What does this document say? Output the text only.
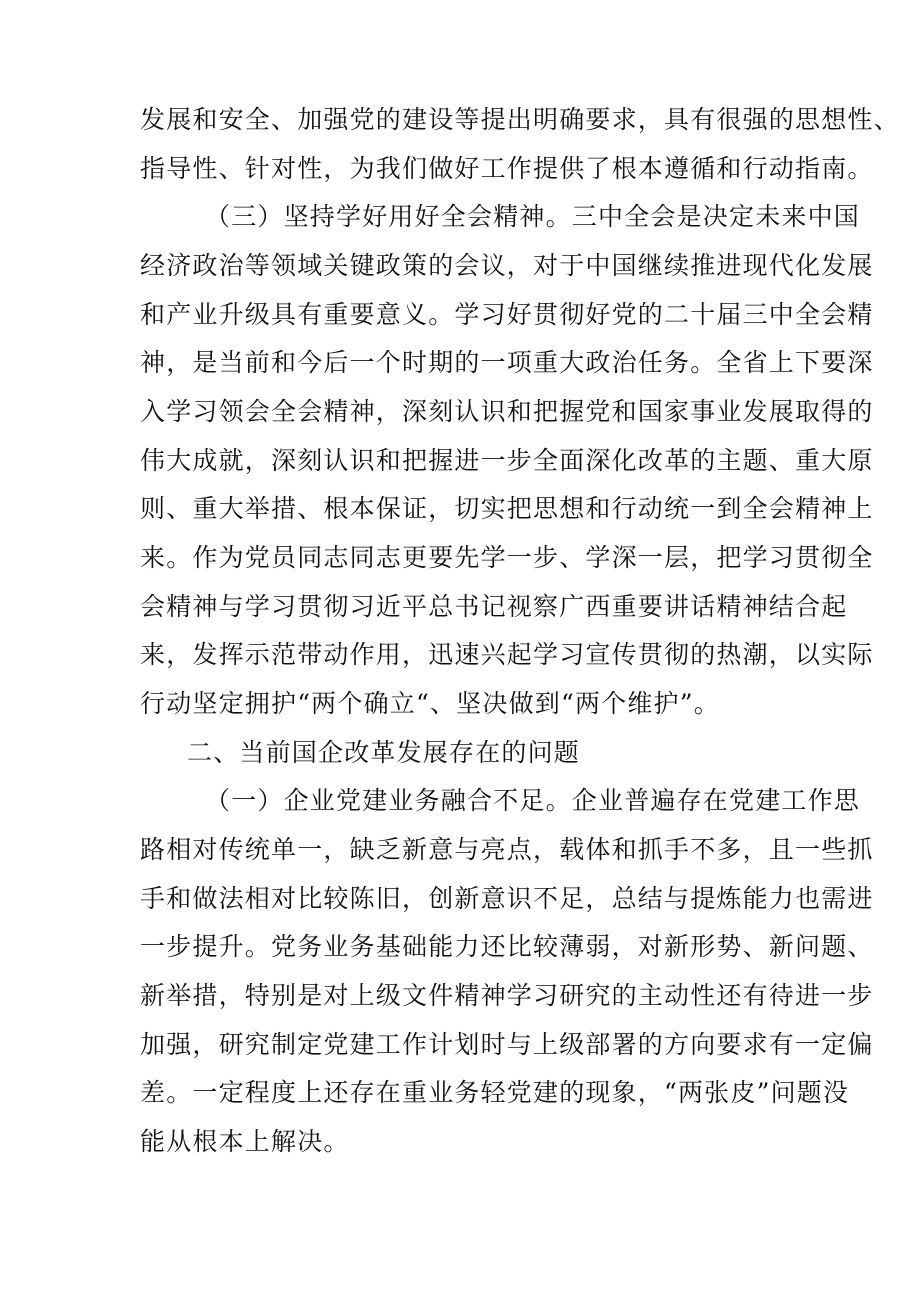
发展和安全、加强党的建设等提出明确要求，具有很强的思想性、
指导性、针对性，为我们做好工作提供了根本遵循和行动指南。
（三）坚持学好用好全会精神。三中全会是决定未来中国
经济政治等领域关键政策的会议，对于中国继续推进现代化发展
和产业升级具有重要意义。学习好贯彻好党的二十届三中全会精
神，是当前和今后一个时期的一项重大政治任务。全省上下要深
入学习领会全会精神，深刻认识和把握党和国家事业发展取得的
伟大成就，深刻认识和把握进一步全面深化改革的主题、重大原
则、重大举措、根本保证，切实把思想和行动统一到全会精神上
来。作为党员同志同志更要先学一步、学深一层，把学习贯彻全
会精神与学习贯彻习近平总书记视察广西重要讲话精神结合起
来，发挥示范带动作用，迅速兴起学习宣传贯彻的热潮，以实际
行动坚定拥护“两个确立“、坚决做到“两个维护”。
二、当前国企改革发展存在的问题
（一）企业党建业务融合不足。企业普遍存在党建工作思
路相对传统单一，缺乏新意与亮点，载体和抓手不多，且一些抓
手和做法相对比较陈旧，创新意识不足，总结与提炼能力也需进
一步提升。党务业务基础能力还比较薄弱，对新形势、新问题、
新举措，特别是对上级文件精神学习研究的主动性还有待进一步
加强，研究制定党建工作计划时与上级部署的方向要求有一定偏
差。一定程度上还存在重业务轻党建的现象，“两张皮”问题没
能从根本上解决。
